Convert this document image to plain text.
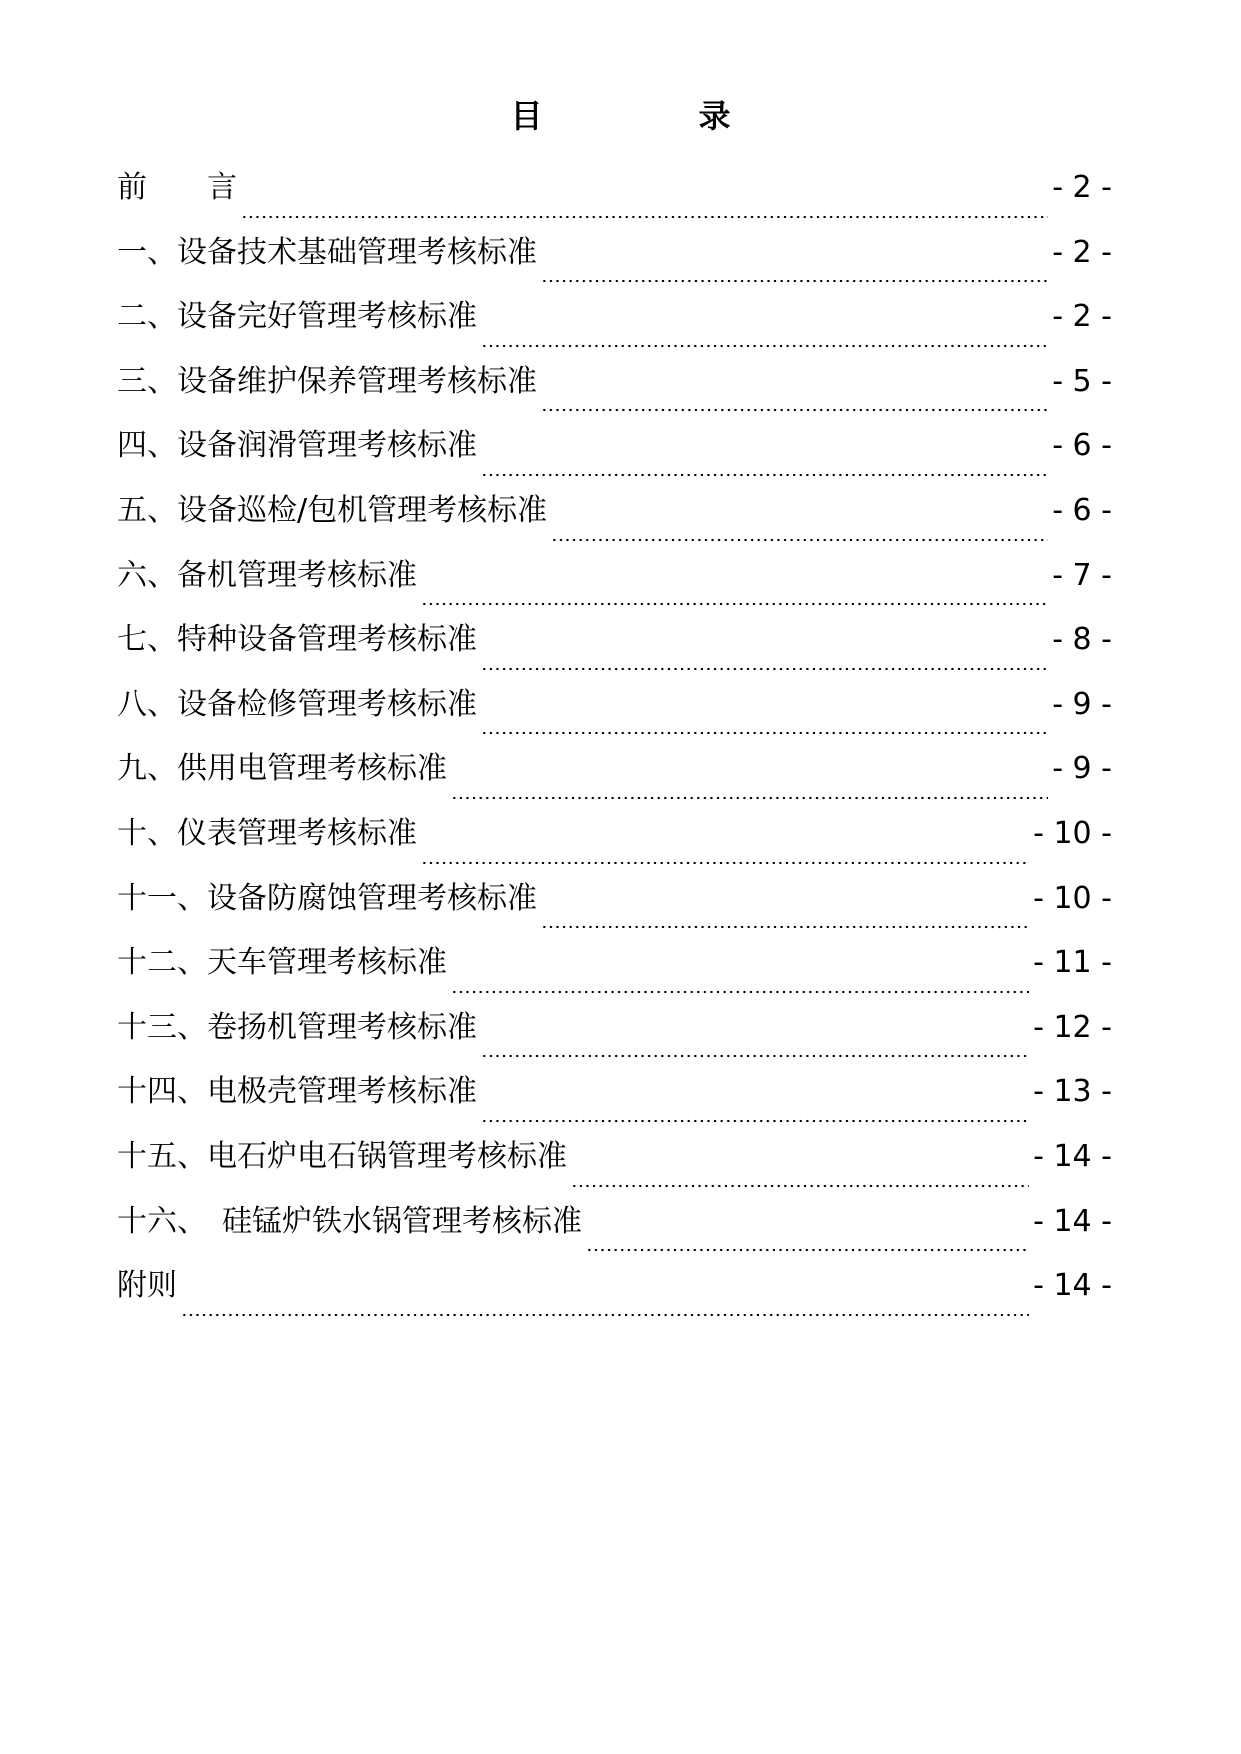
目　录
前　　言	- 2 -
一、设备技术基础管理考核标准	- 2 -
二、设备完好管理考核标准	- 2 -
三、设备维护保养管理考核标准	- 5 -
四、设备润滑管理考核标准	- 6 -
五、设备巡检/包机管理考核标准	- 6 -
六、备机管理考核标准	- 7 -
七、特种设备管理考核标准	- 8 -
八、设备检修管理考核标准	- 9 -
九、供用电管理考核标准	- 9 -
十、仪表管理考核标准	- 10 -
十一、设备防腐蚀管理考核标准	- 10 -
十二、天车管理考核标准	- 11 -
十三、卷扬机管理考核标准	- 12 -
十四、电极壳管理考核标准	- 13 -
十五、电石炉电石锅管理考核标准	- 14 -
十六、　硅锰炉铁水锅管理考核标准	- 14 -
附则	- 14 -
